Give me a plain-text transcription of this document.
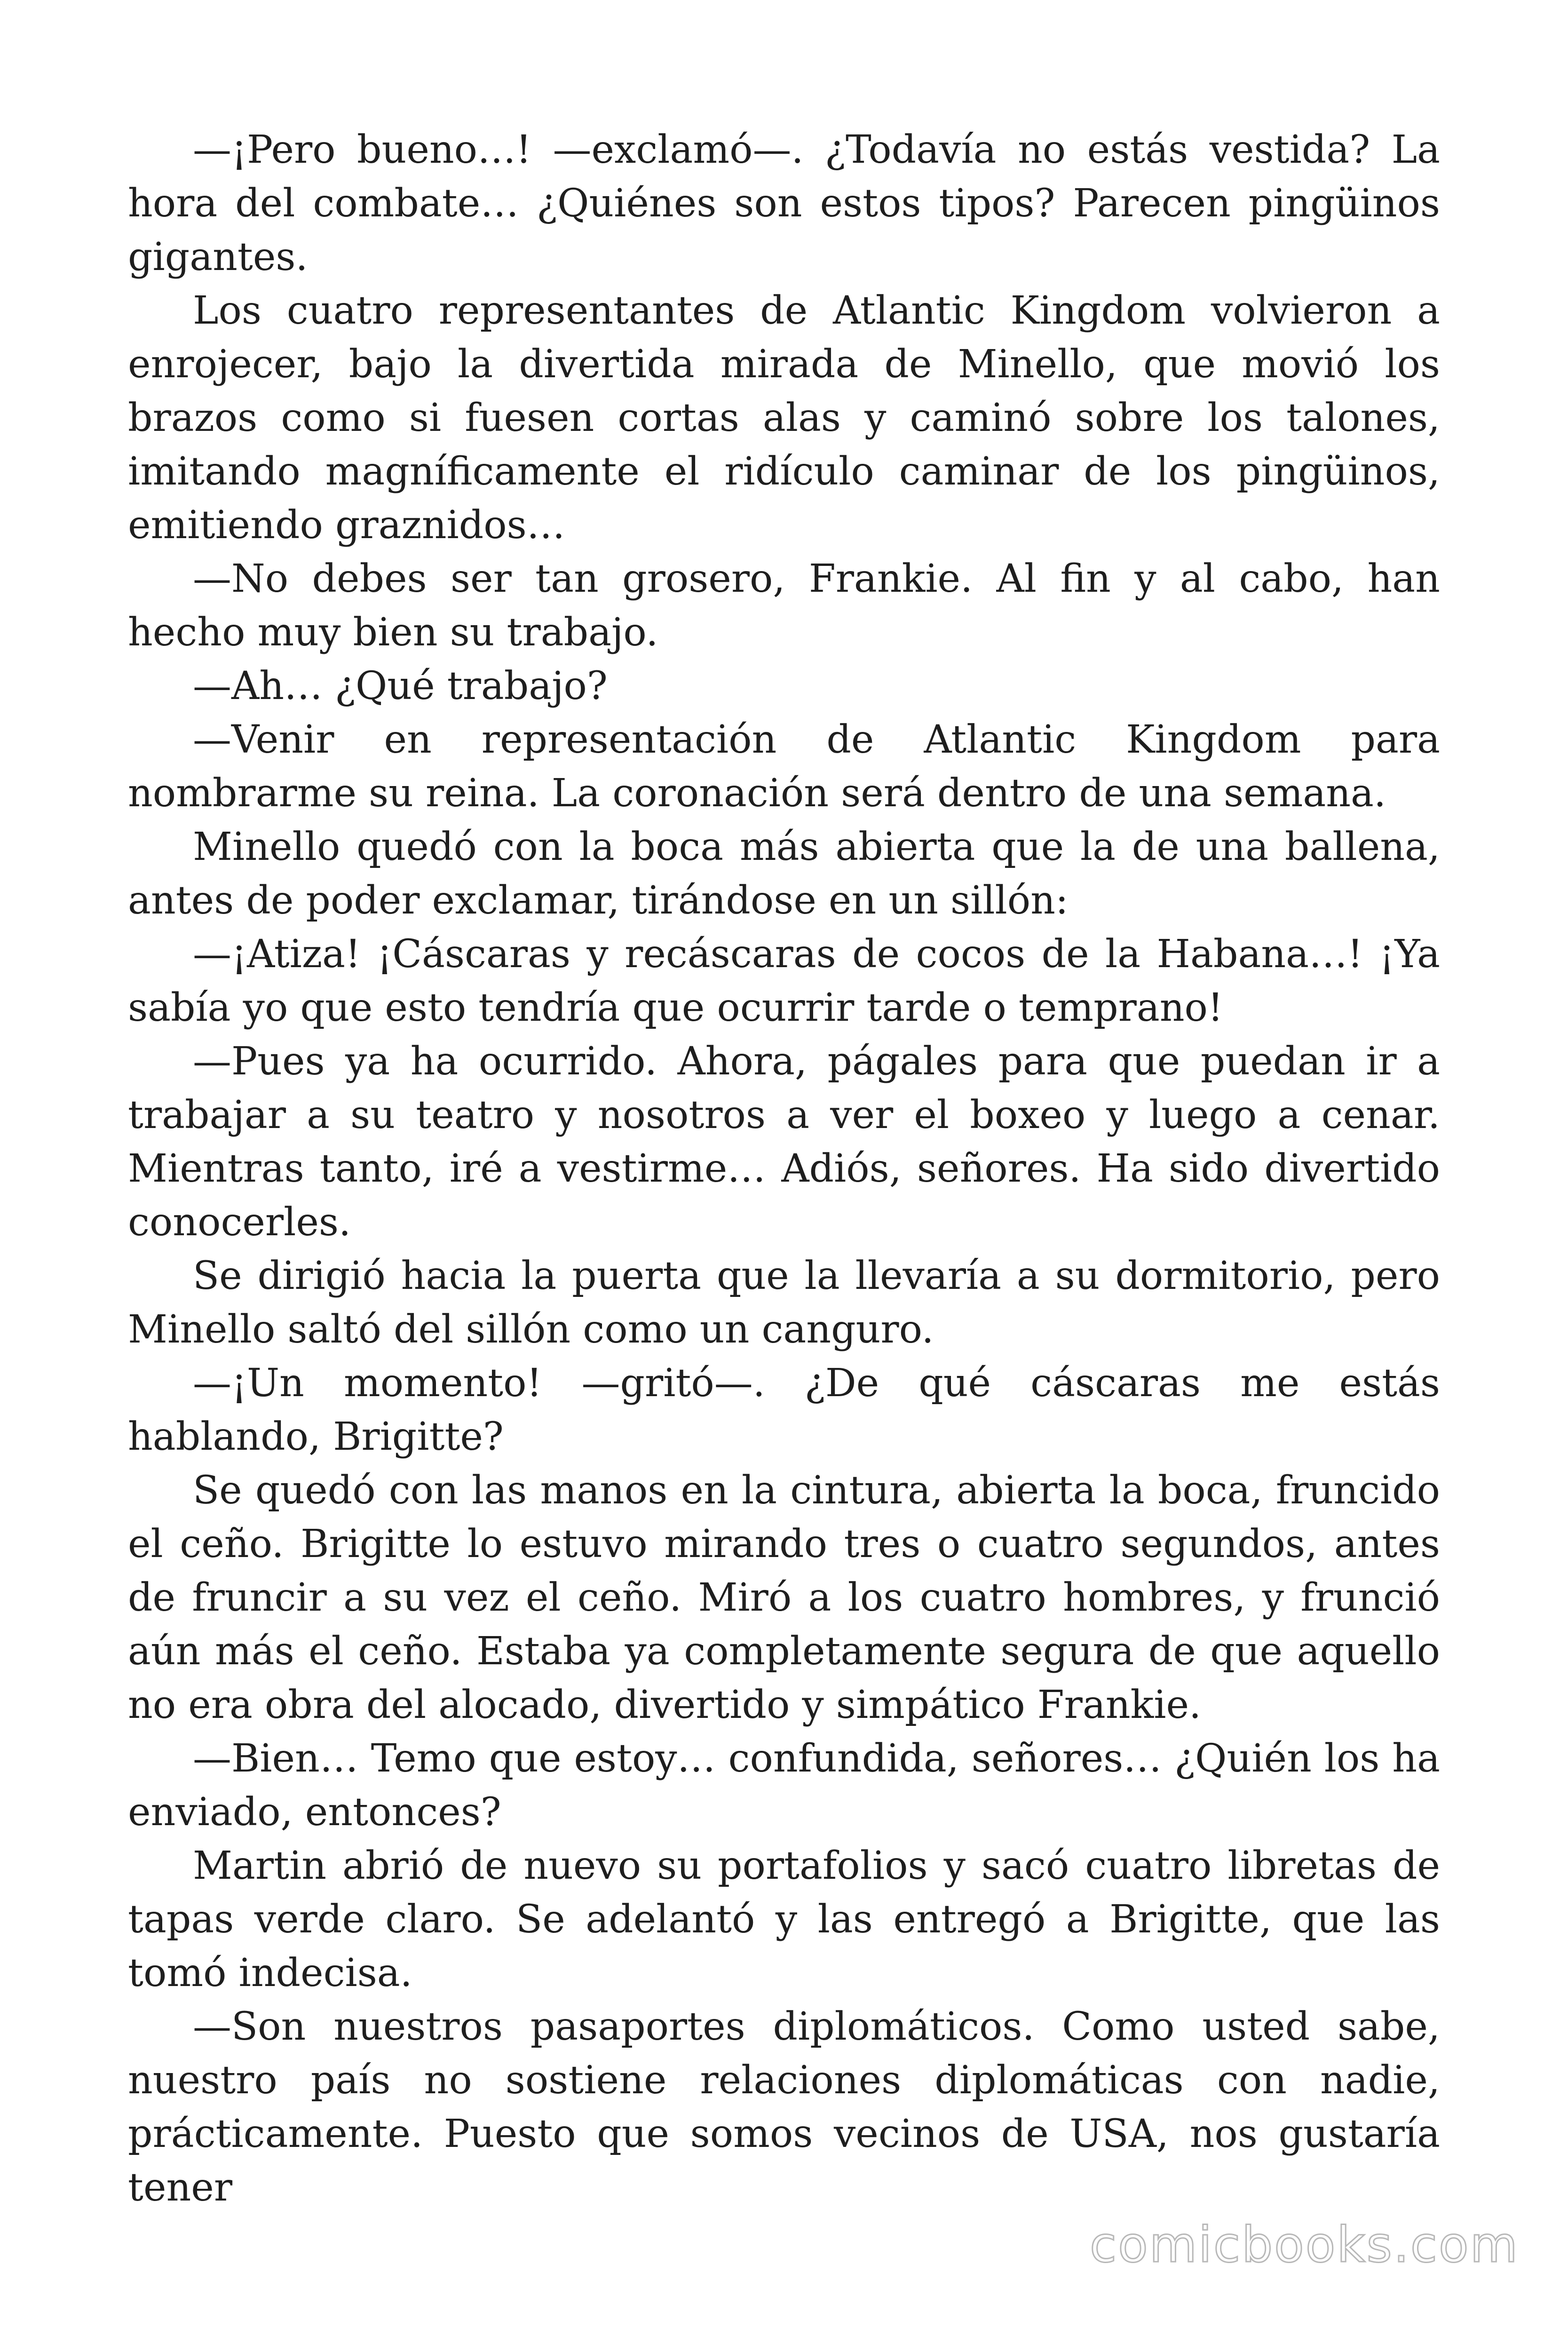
—¡Pero bueno…! —exclamó—. ¿Todavía no estás vestida? La hora del combate… ¿Quiénes son estos tipos? Parecen pingüinos gigantes.

Los cuatro representantes de Atlantic Kingdom volvieron a enrojecer, bajo la divertida mirada de Minello, que movió los brazos como si fuesen cortas alas y caminó sobre los talones, imitando magníficamente el ridículo caminar de los pingüinos, emitiendo graznidos…

—No debes ser tan grosero, Frankie. Al fin y al cabo, han hecho muy bien su trabajo.

—Ah… ¿Qué trabajo?

—Venir en representación de Atlantic Kingdom para nombrarme su reina. La coronación será dentro de una semana.

Minello quedó con la boca más abierta que la de una ballena, antes de poder exclamar, tirándose en un sillón:

—¡Atiza! ¡Cáscaras y recáscaras de cocos de la Habana…! ¡Ya sabía yo que esto tendría que ocurrir tarde o temprano!

—Pues ya ha ocurrido. Ahora, págales para que puedan ir a trabajar a su teatro y nosotros a ver el boxeo y luego a cenar. Mientras tanto, iré a vestirme… Adiós, señores. Ha sido divertido conocerles.

Se dirigió hacia la puerta que la llevaría a su dormitorio, pero Minello saltó del sillón como un canguro.

—¡Un momento! —gritó—. ¿De qué cáscaras me estás hablando, Brigitte?

Se quedó con las manos en la cintura, abierta la boca, fruncido el ceño. Brigitte lo estuvo mirando tres o cuatro segundos, antes de fruncir a su vez el ceño. Miró a los cuatro hombres, y frunció aún más el ceño. Estaba ya completamente segura de que aquello no era obra del alocado, divertido y simpático Frankie.

—Bien… Temo que estoy… confundida, señores… ¿Quién los ha enviado, entonces?

Martin abrió de nuevo su portafolios y sacó cuatro libretas de tapas verde claro. Se adelantó y las entregó a Brigitte, que las tomó indecisa.

—Son nuestros pasaportes diplomáticos. Como usted sabe, nuestro país no sostiene relaciones diplomáticas con nadie, prácticamente. Puesto que somos vecinos de USA, nos gustaría tener

comicbooks.com
